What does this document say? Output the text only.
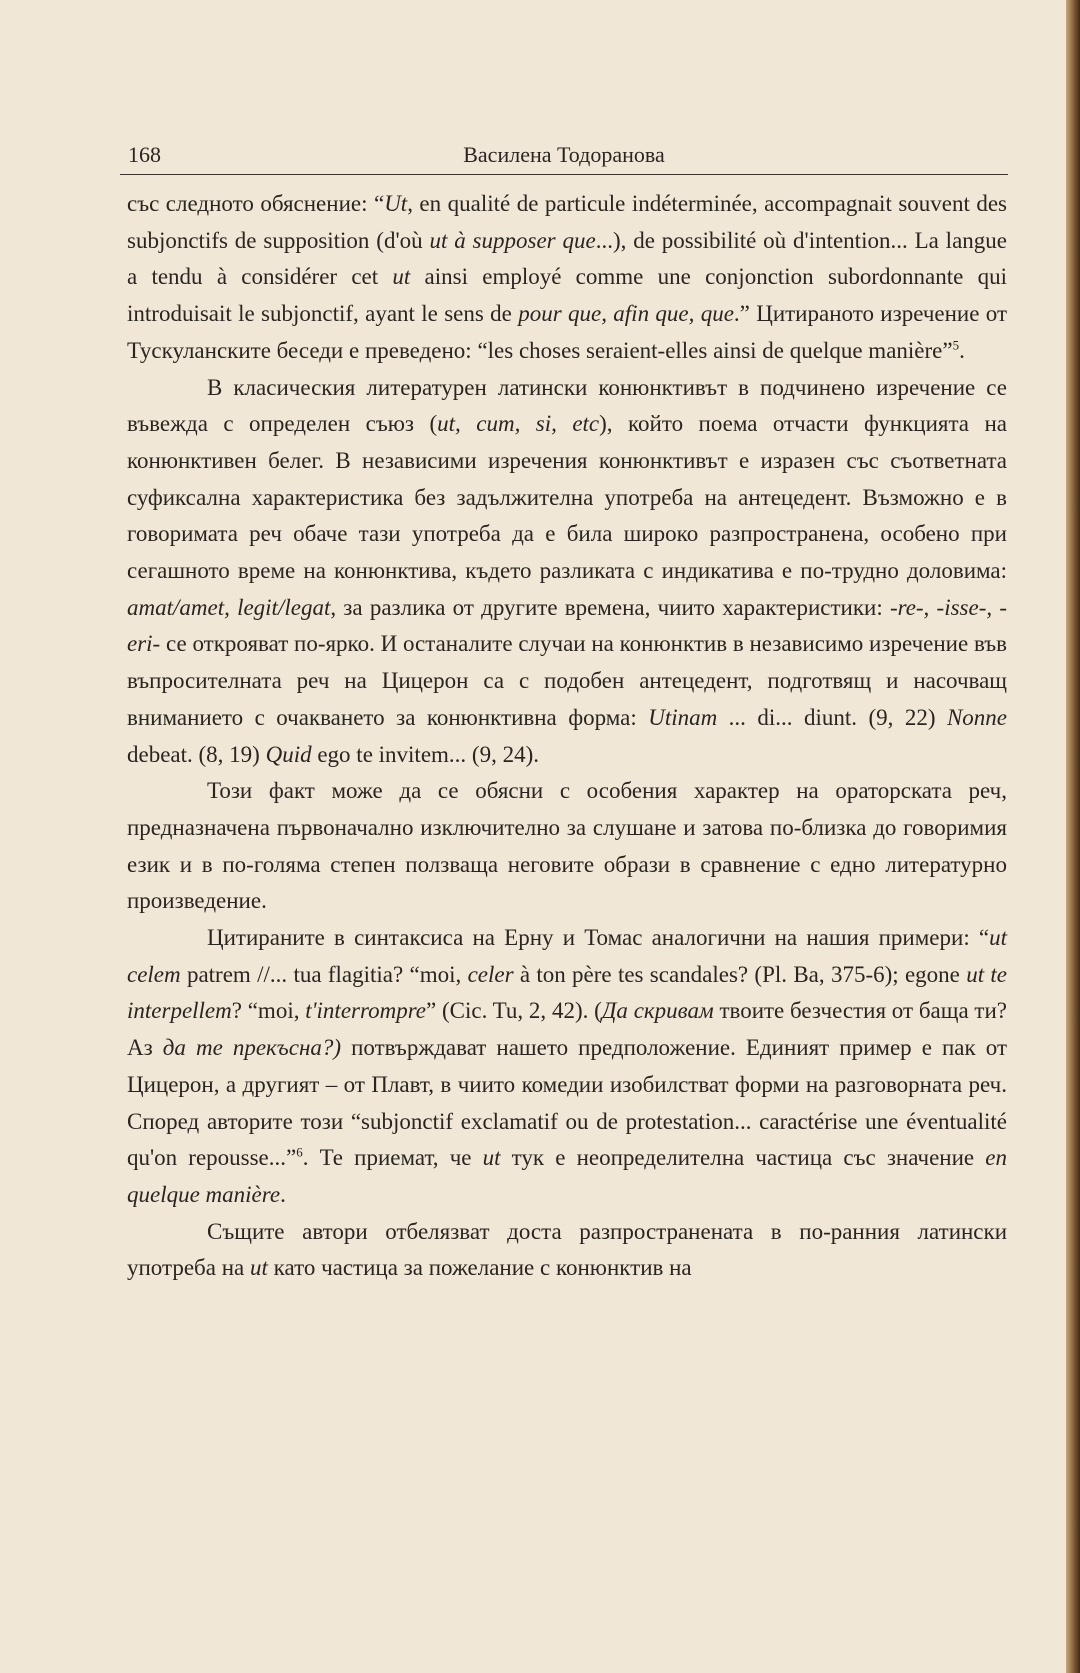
168	Василена Тодоранова

със следното обяснение: “Ut, en qualité de particule indéterminée, accompagnait souvent des subjonctifs de supposition (d'où ut à supposer que...), de possibilité où d'intention... La langue a tendu à considérer cet ut ainsi employé comme une conjonction subordonnante qui introduisait le subjonctif, ayant le sens de pour que, afin que, que.” Цитираното изречение от Тускуланските беседи е преведено: “les choses seraient-elles ainsi de quelque manière”$^5$.

В класическия литературен латински конюнктивът в подчинено изречение се въвежда с определен съюз (ut, cum, si, etc), който поема отчасти функцията на конюнктивен белег. В независими изречения конюнктивът е изразен със съответната суфиксална характеристика без задължителна употреба на антецедент. Възможно е в говоримата реч обаче тази употреба да е била широко разпространена, особено при сегашното време на конюнктива, където разликата с индикатива е по-трудно доловима: amat/amet, legit/legat, за разлика от другите времена, чиито характеристики: -re-, -isse-, -eri- се открояват по-ярко. И останалите случаи на конюнктив в независимо изречение във въпросителната реч на Цицерон са с подобен антецедент, подготвящ и насочващ вниманието с очакването за конюнктивна форма: Utinam ... di... diunt. (9, 22) Nonne debeat. (8, 19) Quid ego te invitem... (9, 24).

Този факт може да се обясни с особения характер на ораторската реч, предназначена първоначално изключително за слушане и затова по-близка до говоримия език и в по-голяма степен ползваща неговите образи в сравнение с едно литературно произведение.

Цитираните в синтаксиса на Ерну и Томас аналогични на нашия примери: “ut celem patrem //... tua flagitia? “moi, celer à ton père tes scandales? (Pl. Ba, 375-6); egone ut te interpellem? “moi, t'interrompre” (Cic. Tu, 2, 42). (Да скривам твоите безчестия от баща ти? Аз да те прекъсна?) потвърждават нашето предположение. Единият пример е пак от Цицерон, а другият – от Плавт, в чиито комедии изобилстват форми на разговорната реч. Според авторите този “subjonctif exclamatif ou de protestation... caractérise une éventualité qu'on repousse...”$^6$. Те приемат, че ut тук е неопределителна частица със значение en quelque manière.

Същите автори отбелязват доста разпространената в по-ранния латински употреба на ut като частица за пожелание с конюнктив на
